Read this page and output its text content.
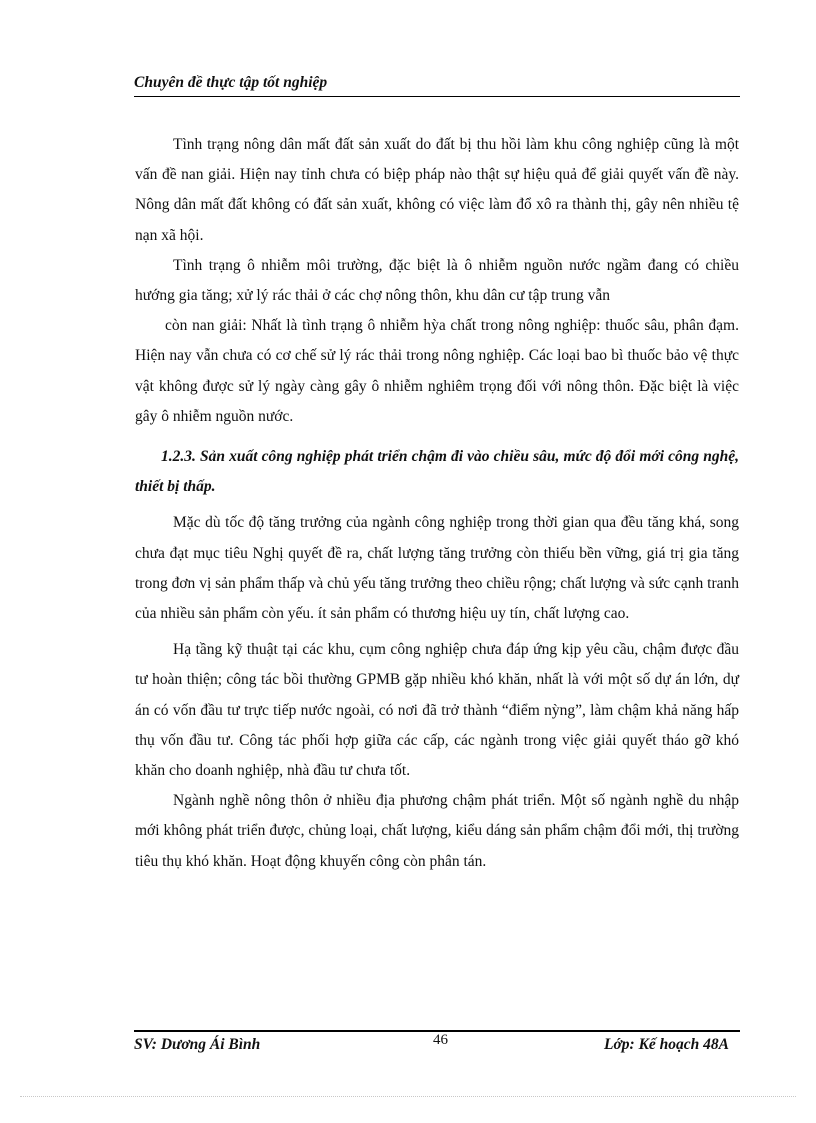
Chuyên đề thực tập tốt nghiệp

Tình trạng nông dân mất đất sản xuất do đất bị thu hồi làm khu công nghiệp cũng là một vấn đề nan giải. Hiện nay tỉnh chưa có biệp pháp nào thật sự hiệu quả để giải quyết vấn đề này. Nông dân mất đất không có đất sản xuất, không có việc làm đổ xô ra thành thị, gây nên nhiều tệ nạn xã hội.

Tình trạng ô nhiễm môi trường, đặc biệt là ô nhiễm nguồn nước ngầm đang có chiều hướng gia tăng; xử lý rác thải ở các chợ nông thôn, khu dân cư tập trung vẫn

còn nan giải: Nhất là tình trạng ô nhiễm hỳa chất trong nông nghiệp: thuốc sâu, phân đạm. Hiện nay vẫn chưa có cơ chế sử lý rác thải trong nông nghiệp. Các loại bao bì thuốc bảo vệ thực vật không được sử lý ngày càng gây ô nhiễm nghiêm trọng đối với nông thôn. Đặc biệt là việc gây ô nhiễm nguồn nước.

1.2.3. Sản xuất công nghiệp phát triển chậm đi vào chiều sâu, mức độ đổi mới công nghệ, thiết bị thấp.

Mặc dù tốc độ tăng trưởng của ngành công nghiệp trong thời gian qua đều tăng khá, song chưa đạt mục tiêu Nghị quyết đề ra, chất lượng tăng trưởng còn thiếu bền vững, giá trị gia tăng trong đơn vị sản phẩm thấp và chủ yếu tăng trưởng theo chiều rộng; chất lượng và sức cạnh tranh của nhiều sản phẩm còn yếu. ít sản phẩm có thương hiệu uy tín, chất lượng cao.

Hạ tầng kỹ thuật tại các khu, cụm công nghiệp chưa đáp ứng kịp yêu cầu, chậm được đầu tư hoàn thiện; công tác bồi thường GPMB gặp nhiều khó khăn, nhất là với một số dự án lớn, dự án có vốn đầu tư trực tiếp nước ngoài, có nơi đã trở thành “điểm nỳng”, làm chậm khả năng hấp thụ vốn đầu tư. Công tác phối hợp giữa các cấp, các ngành trong việc giải quyết tháo gỡ khó khăn cho doanh nghiệp, nhà đầu tư chưa tốt.

Ngành nghề nông thôn ở nhiều địa phương chậm phát triển. Một số ngành nghề du nhập mới không phát triển được, chủng loại, chất lượng, kiểu dáng sản phẩm chậm đổi mới, thị trường tiêu thụ khó khăn. Hoạt động khuyến công còn phân tán.

SV: Dương Ái Bình	46	Lớp: Kế hoạch 48A
